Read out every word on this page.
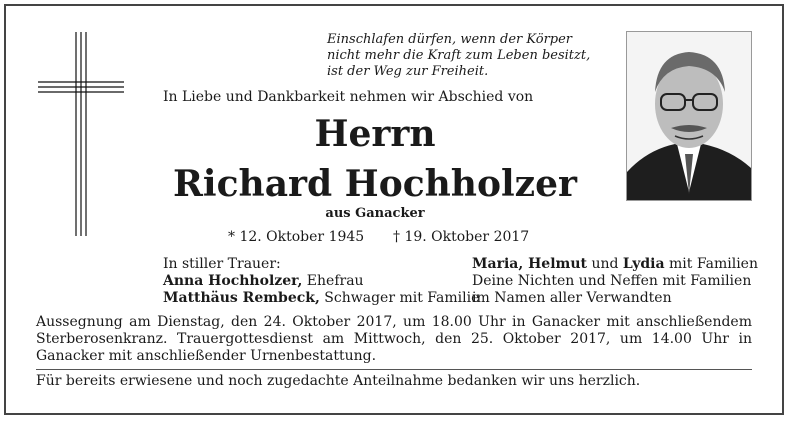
Einschlafen dürfen, wenn der Körper
nicht mehr die Kraft zum Leben besitzt,
ist der Weg zur Freiheit.
In Liebe und Dankbarkeit nehmen wir Abschied von
Herrn
Richard Hochholzer
aus Ganacker
* 12. Oktober 1945 † 19. Oktober 2017
In stiller Trauer:
Anna Hochholzer, Ehefrau
Matthäus Rembeck, Schwager mit Familie
Maria, Helmut und Lydia mit Familien
Deine Nichten und Neffen mit Familien
im Namen aller Verwandten
Aussegnung am Dienstag, den 24. Oktober 2017, um 18.00 Uhr in Ganacker mit anschließendem Sterberosenkranz. Trauergottesdienst am Mittwoch, den 25. Oktober 2017, um 14.00 Uhr in Ganacker mit anschließender Urnenbestattung.
Für bereits erwiesene und noch zugedachte Anteilnahme bedanken wir uns herzlich.
